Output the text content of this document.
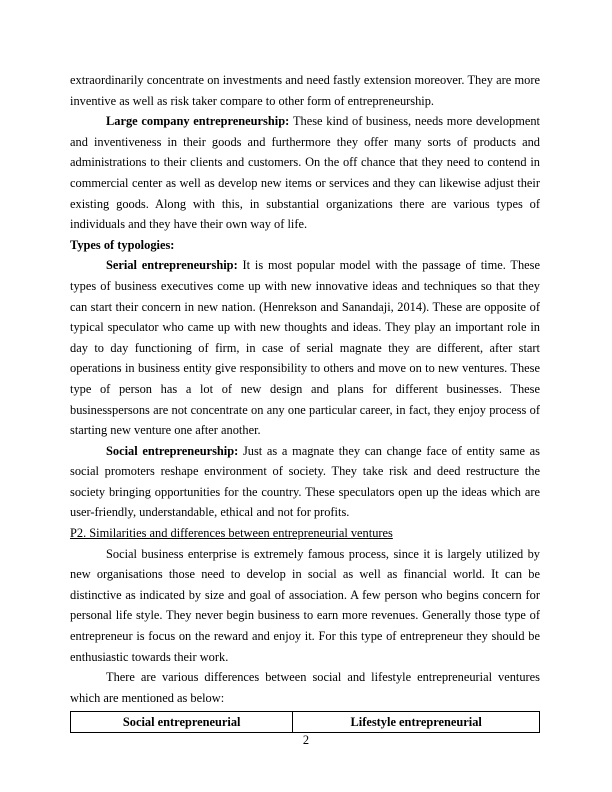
extraordinarily concentrate on investments and need fastly extension moreover. They are more inventive as well as risk taker compare to other form of entrepreneurship.

Large company entrepreneurship: These kind of business, needs more development and inventiveness in their goods and furthermore they offer many sorts of products and administrations to their clients and customers. On the off chance that they need to contend in commercial center as well as develop new items or services and they can likewise adjust their existing goods. Along with this, in substantial organizations there are various types of individuals and they have their own way of life.

Types of typologies:

Serial entrepreneurship: It is most popular model with the passage of time. These types of business executives come up with new innovative ideas and techniques so that they can start their concern in new nation. (Henrekson and Sanandaji, 2014). These are opposite of typical speculator who came up with new thoughts and ideas. They play an important role in day to day functioning of firm, in case of serial magnate they are different, after start operations in business entity give responsibility to others and move on to new ventures. These type of person has a lot of new design and plans for different businesses. These businesspersons are not concentrate on any one particular career, in fact, they enjoy process of starting new venture one after another.

Social entrepreneurship: Just as a magnate they can change face of entity same as social promoters reshape environment of society. They take risk and deed restructure the society bringing opportunities for the country. These speculators open up the ideas which are user-friendly, understandable, ethical and not for profits.

P2. Similarities and differences between entrepreneurial ventures

Social business enterprise is extremely famous process, since it is largely utilized by new organisations those need to develop in social as well as financial world. It can be distinctive as indicated by size and goal of association. A few person who begins concern for personal life style. They never begin business to earn more revenues. Generally those type of entrepreneur is focus on the reward and enjoy it. For this type of entrepreneur they should be enthusiastic towards their work.

There are various differences between social and lifestyle entrepreneurial ventures which are mentioned as below:

Social entrepreneurial	Lifestyle entrepreneurial
2
